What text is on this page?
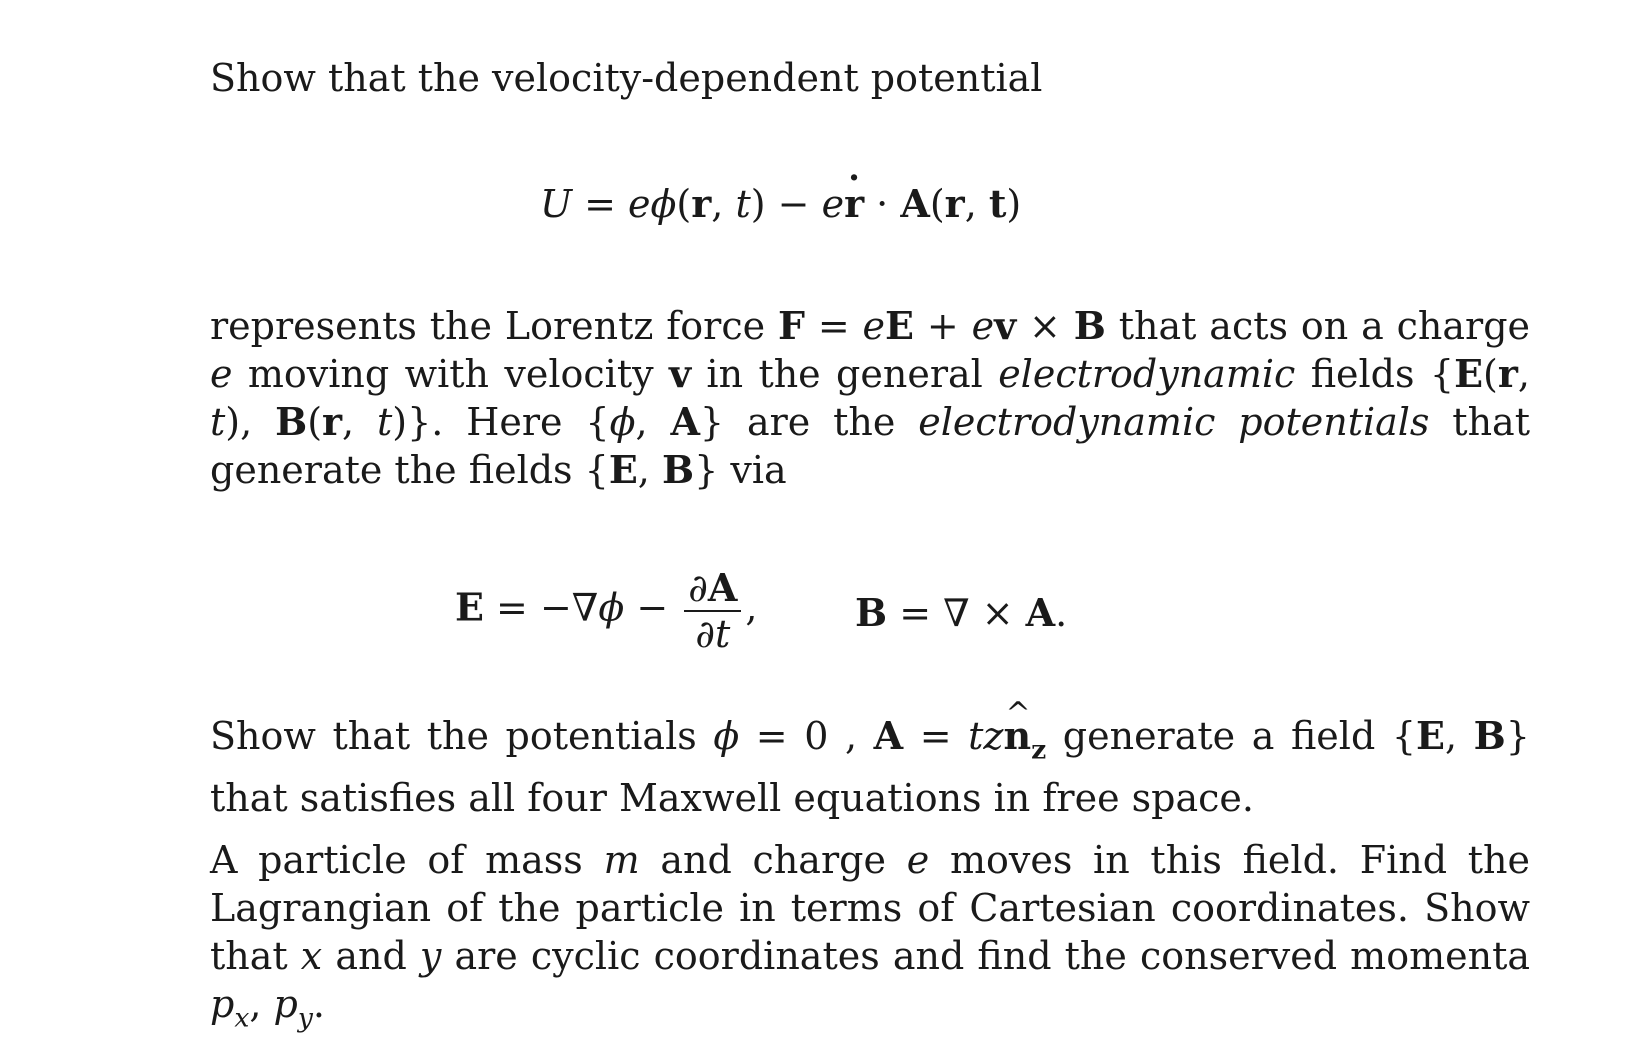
Show that the velocity-dependent potential

U = eϕ(r, t) − er · · A(r, t)

represents the Lorentz force F = eE + ev × B that acts on a charge e moving with velocity v in the general electrodynamic fields {E(r, t), B(r, t)}. Here {ϕ, A} are the electrodynamic potentials that generate the fields {E, B} via

$E = -\nabla\phi - \frac{\partial A}{\partial t}$ ,	B = ∇ × A.

Show that the potentials ϕ = 0 , A = tzn $\^{}_z$ generate a field {E, B} that satisfies all four Maxwell equations in free space.

A particle of mass m and charge e moves in this field. Find the Lagrangian of the particle in terms of Cartesian coordinates. Show that x and y are cyclic coordinates and find the conserved momenta $p_x$, $p_y$.
